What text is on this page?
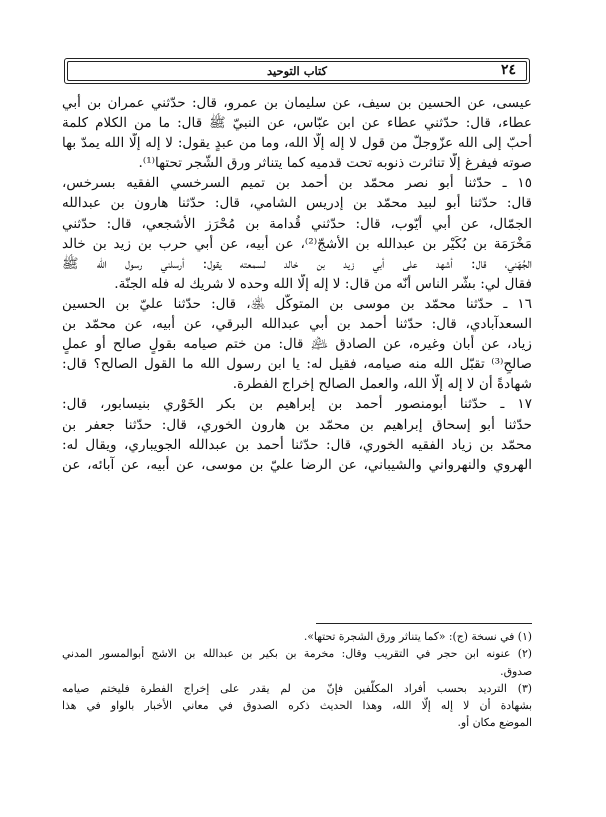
٢٤
كتاب التوحيد
عيسى، عن الحسين بن سيف، عن سليمان بن عمرو، قال: حدّثني عمران بن أبي
عطاء، قال: حدّثني عطاء عن ابن عبّاس، عن النبيّ ﷺ قال: ما من الكلام كلمة
أحبّ إلى الله عزّوجلّ من قول لا إله إلّا الله، وما من عبدٍ يقول: لا إله إلّا الله يمدّ بها
صوته فيفرغ إلّا تناثرت ذنوبه تحت قدميه كما يتناثر ورق الشّجر تحتها⁽¹⁾.
١٥ ـ حدّثنا أبو نصر محمّد بن أحمد بن تميم السرخسي الفقيه بسرخس،
قال: حدّثنا أبو لبيد محمّد بن إدريس الشامي، قال: حدّثنا هارون بن عبدالله
الجمّال، عن أبي أيّوب، قال: حدّثني قُدامة بن مُحْرَز الأشجعي، قال: حدّثني
مَخْرَمَة بن بُكَيْر بن عبدالله بن الأشجّ⁽²⁾، عن أبيه، عن أبي حرب بن زيد بن خالد
الجُهَني، قال: أشهد على أبي زيد بن خالد لسمعته يقول: أرسلني رسول الله ﷺ
فقال لي: بشّر الناس أنّه من قال: لا إله إلّا الله وحده لا شريك له فله الجنّة.
١٦ ـ حدّثنا محمّد بن موسى بن المتوكّل ﵁، قال: حدّثنا عليّ بن الحسين
السعدآبادي، قال: حدّثنا أحمد بن أبي عبدالله البرقي، عن أبيه، عن محمّد بن
زياد، عن أبان وغيره، عن الصادق ﵇ قال: من ختم صيامه بقولٍ صالح أو عملٍ
صالحٍ⁽³⁾ تقبّل الله منه صيامه، فقيل له: يا ابن رسول الله ما القول الصالح؟ قال:
شهادةً أن لا إله إلّا الله، والعمل الصالح إخراج الفطرة.
١٧ ـ حدّثنا أبومنصور أحمد بن إبراهيم بن بكر الخَوْري بنيسابور، قال:
حدّثنا أبو إسحاق إبراهيم بن محمّد بن هارون الخوري، قال: حدّثنا جعفر بن
محمّد بن زياد الفقيه الخوري، قال: حدّثنا أحمد بن عبدالله الجويباري، ويقال له:
الهروي والنهرواني والشيباني، عن الرضا عليّ بن موسى، عن أبيه، عن آبائه، عن
(١) في نسخة (ج): «كما يتناثر ورق الشجرة تحتها».
(٢) عنونه ابن حجر في التقريب وقال: مخرمة بن بكير بن عبدالله بن الاشج أبوالمسور المدني
صدوق.
(٣) الترديد بحسب أفراد المكلّفين فإنّ من لم يقدر على إخراج الفطرة فليختم صيامه
بشهادة أن لا إله إلّا الله، وهذا الحديث ذكره الصدوق في معاني الأخبار بالواو في هذا
الموضع مكان أو.
